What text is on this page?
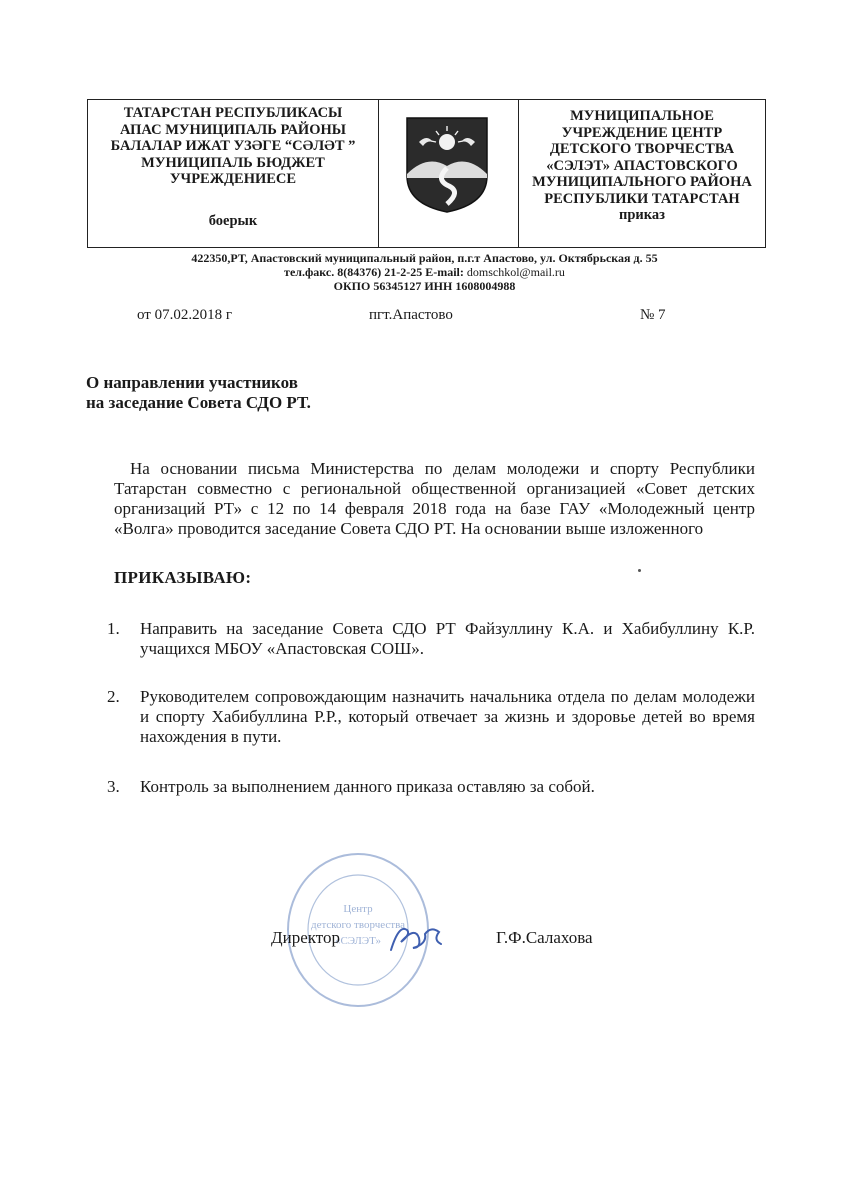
ТАТАРСТАН РЕСПУБЛИКАСЫ
АПАС МУНИЦИПАЛЬ РАЙОНЫ
БАЛАЛАР ИЖАТ УЗӘГЕ “СӘЛӘТ ”
МУНИЦИПАЛЬ БЮДЖЕТ
УЧРЕЖДЕНИЕСЕ
боерык
МУНИЦИПАЛЬНОЕ
УЧРЕЖДЕНИЕ ЦЕНТР
ДЕТСКОГО ТВОРЧЕСТВА
«СЭЛЭТ» АПАСТОВСКОГО
МУНИЦИПАЛЬНОГО РАЙОНА
РЕСПУБЛИКИ ТАТАРСТАН
приказ
422350,РТ, Апастовский муниципальный район, п.г.т Апастово, ул. Октябрьская д. 55
тел.факс. 8(84376) 21-2-25 E-mail: domschkol@mail.ru
ОКПО 56345127 ИНН 1608004988
от 07.02.2018 г	пгт.Апастово	№ 7
О направлении участников
на заседание Совета СДО РТ.
На основании письма Министерства по делам молодежи и спорту Республики Татарстан совместно с региональной общественной организацией «Совет детских организаций РТ» с 12 по 14 февраля 2018 года на базе ГАУ «Молодежный центр «Волга» проводится заседание Совета СДО РТ. На основании выше изложенного
ПРИКАЗЫВАЮ:
1. Направить на заседание Совета СДО РТ Файзуллину К.А. и Хабибуллину К.Р. учащихся МБОУ «Апастовская СОШ».
2. Руководителем сопровождающим назначить начальника отдела по делам молодежи и спорту Хабибуллина Р.Р., который отвечает за жизнь и здоровье детей во время нахождения в пути.
3. Контроль за выполнением данного приказа оставляю за собой.
Центр
детского творчества
«СЭЛЭТ»
Директор	Г.Ф.Салахова
